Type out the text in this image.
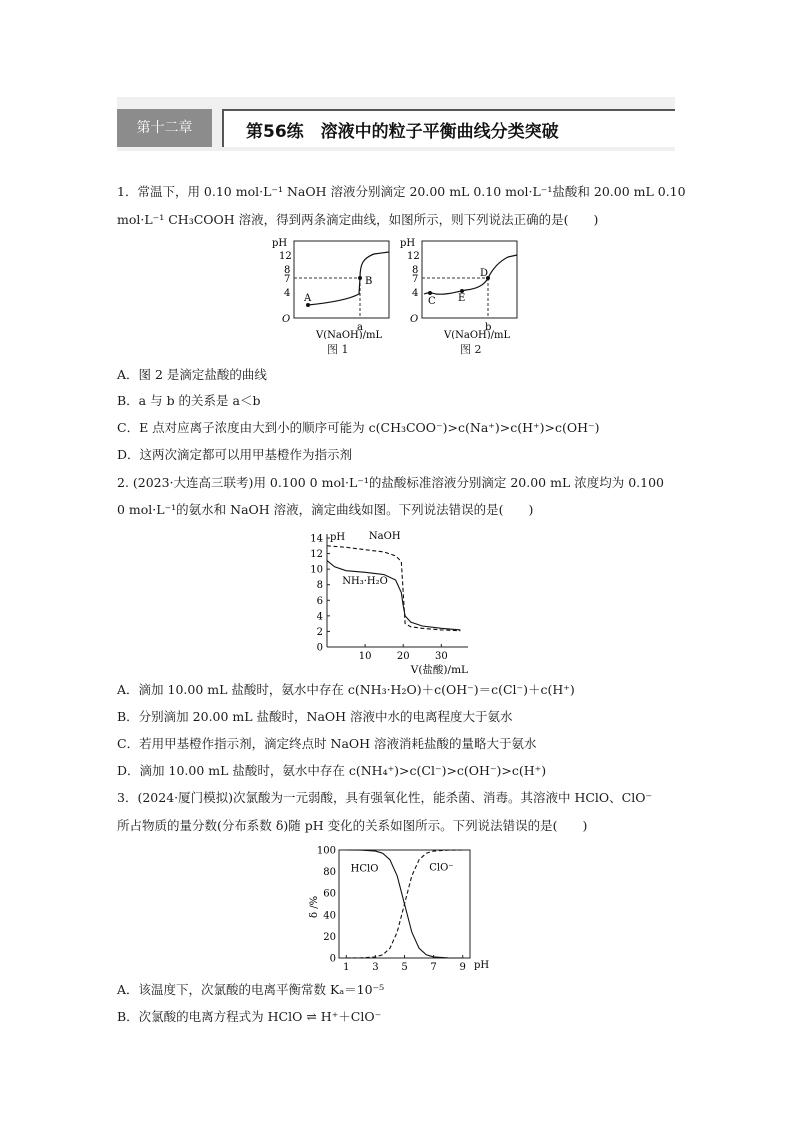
第十二章	第56练　溶液中的粒子平衡曲线分类突破
1．常温下，用 0.10 mol·L⁻¹ NaOH 溶液分别滴定 20.00 mL 0.10 mol·L⁻¹盐酸和 20.00 mL 0.10
mol·L⁻¹ CH₃COOH 溶液，得到两条滴定曲线，如图所示，则下列说法正确的是(　　)
pH
12
8
7
4
O
A
B
a
V(NaOH)/mL
图 1
pH
12
8
7
4
O
C E
D
b
V(NaOH)/mL
图 2
A．图 2 是滴定盐酸的曲线
B．a 与 b 的关系是 a＜b
C．E 点对应离子浓度由大到小的顺序可能为 c(CH₃COO⁻)>c(Na⁺)>c(H⁺)>c(OH⁻)
D．这两次滴定都可以用甲基橙作为指示剂
2. (2023·大连高三联考)用 0.100 0 mol·L⁻¹的盐酸标准溶液分别滴定 20.00 mL 浓度均为 0.100
0 mol·L⁻¹的氨水和 NaOH 溶液，滴定曲线如图。下列说法错误的是(　　)
pH
14
12
10
8
6
4
2
0
10	20	30
V(盐酸)/mL
NaOH
NH₃·H₂O
A．滴加 10.00 mL 盐酸时，氨水中存在 c(NH₃·H₂O)＋c(OH⁻)＝c(Cl⁻)＋c(H⁺)
B．分别滴加 20.00 mL 盐酸时，NaOH 溶液中水的电离程度大于氨水
C．若用甲基橙作指示剂，滴定终点时 NaOH 溶液消耗盐酸的量略大于氨水
D．滴加 10.00 mL 盐酸时，氨水中存在 c(NH₄⁺)>c(Cl⁻)>c(OH⁻)>c(H⁺)
3．(2024·厦门模拟)次氯酸为一元弱酸，具有强氧化性，能杀菌、消毒。其溶液中 HClO、ClO⁻
所占物质的量分数(分布系数 δ)随 pH 变化的关系如图所示。下列说法错误的是(　　)
100
80
60
40
20
0
1 3 5 7 9 pH
δ /%
HClO	ClO⁻
A．该温度下，次氯酸的电离平衡常数 Kₐ＝10⁻⁵
B．次氯酸的电离方程式为 HClO ⇌ H⁺＋ClO⁻
